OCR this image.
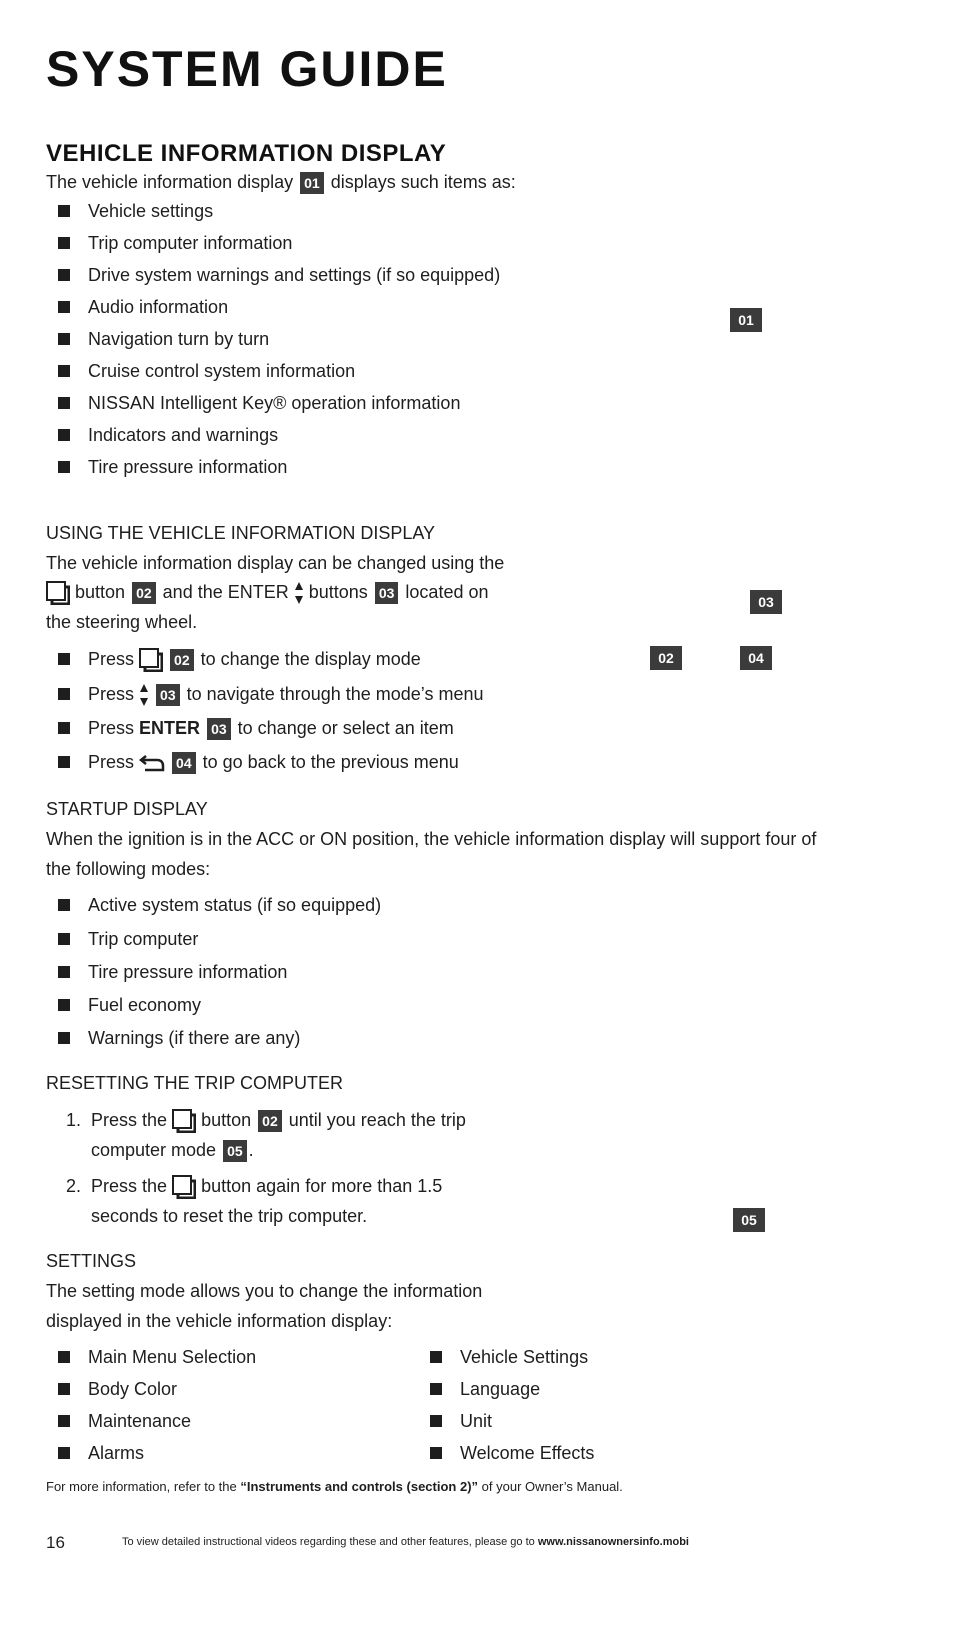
SYSTEM GUIDE
VEHICLE INFORMATION DISPLAY
The vehicle information display 01 displays such items as:
Vehicle settings
Trip computer information
Drive system warnings and settings (if so equipped)
Audio information
Navigation turn by turn
Cruise control system information
NISSAN Intelligent Key® operation information
Indicators and warnings
Tire pressure information
01
03
02	04
05
USING THE VEHICLE INFORMATION DISPLAY
The vehicle information display can be changed using the
button 02 and the ENTER buttons 03 located on
the steering wheel.
Press	02 to change the display mode
Press 03 to navigate through the mode’s menu
Press ENTER 03 to change or select an item
Press	04 to go back to the previous menu
STARTUP DISPLAY
When the ignition is in the ACC or ON position, the vehicle information display will support four of
the following modes:
Active system status (if so equipped)
Trip computer
Tire pressure information
Fuel economy
Warnings (if there are any)
RESETTING THE TRIP COMPUTER
1. Press the button 02 until you reach the trip
computer mode 05 .
2. Press the button again for more than 1.5
seconds to reset the trip computer.
SETTINGS
The setting mode allows you to change the information
displayed in the vehicle information display:
Main Menu Selection
Body Color
Maintenance
Alarms
Vehicle Settings
Language
Unit
Welcome Effects
For more information, refer to the “Instruments and controls (section 2)” of your Owner’s Manual.
16	To view detailed instructional videos regarding these and other features, please go to www.nissanownersinfo.mobi
